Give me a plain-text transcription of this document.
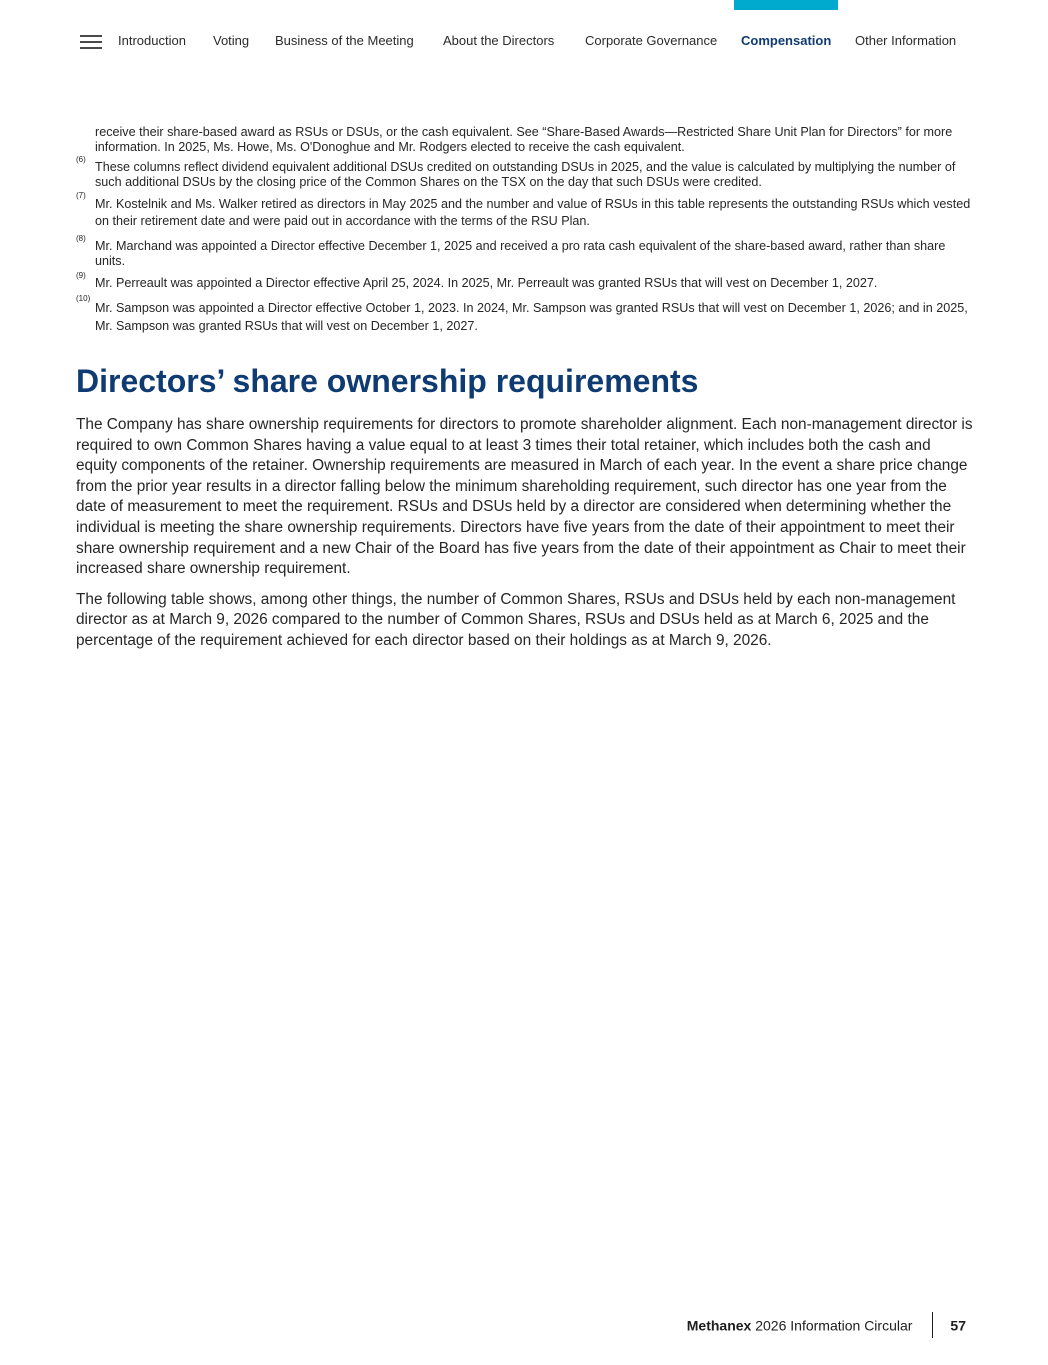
Introduction Voting Business of the Meeting About the Directors Corporate Governance Compensation Other Information
receive their share-based award as RSUs or DSUs, or the cash equivalent. See “Share-Based Awards—Restricted Share Unit Plan for Directors” for more information. In 2025, Ms. Howe, Ms. O'Donoghue and Mr. Rodgers elected to receive the cash equivalent.
(6)
These columns reflect dividend equivalent additional DSUs credited on outstanding DSUs in 2025, and the value is calculated by multiplying the number of such additional DSUs by the closing price of the Common Shares on the TSX on the day that such DSUs were credited.
(7)
Mr. Kostelnik and Ms. Walker retired as directors in May 2025 and the number and value of RSUs in this table represents the outstanding RSUs which vested on their retirement date and were paid out in accordance with the terms of the RSU Plan.
(8)
Mr. Marchand was appointed a Director effective December 1, 2025 and received a pro rata cash equivalent of the share-based award, rather than share units.
(9)
Mr. Perreault was appointed a Director effective April 25, 2024. In 2025, Mr. Perreault was granted RSUs that will vest on December 1, 2027.
(10)
Mr. Sampson was appointed a Director effective October 1, 2023. In 2024, Mr. Sampson was granted RSUs that will vest on December 1, 2026; and in 2025, Mr. Sampson was granted RSUs that will vest on December 1, 2027.
Directors’ share ownership requirements

The Company has share ownership requirements for directors to promote shareholder alignment. Each non-management director is required to own Common Shares having a value equal to at least 3 times their total retainer, which includes both the cash and equity components of the retainer. Ownership requirements are measured in March of each year. In the event a share price change from the prior year results in a director falling below the minimum shareholding requirement, such director has one year from the date of measurement to meet the requirement. RSUs and DSUs held by a director are considered when determining whether the individual is meeting the share ownership requirements. Directors have five years from the date of their appointment to meet their share ownership requirement and a new Chair of the Board has five years from the date of their appointment as Chair to meet their increased share ownership requirement.

The following table shows, among other things, the number of Common Shares, RSUs and DSUs held by each non-management director as at March 9, 2026 compared to the number of Common Shares, RSUs and DSUs held as at March 6, 2025 and the percentage of the requirement achieved for each director based on their holdings as at March 9, 2026.

Methanex 2026 Information Circular	57
